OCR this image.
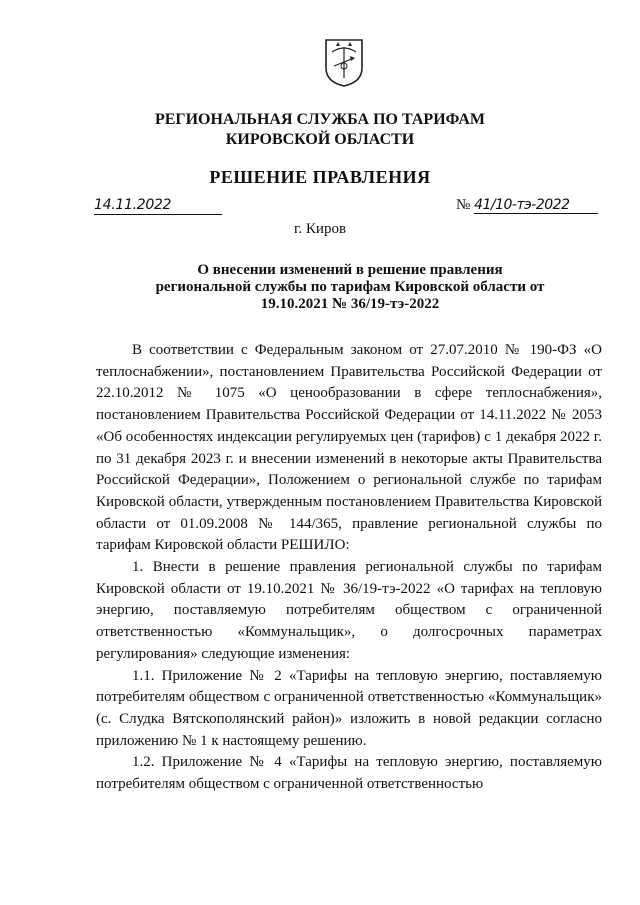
РЕГИОНАЛЬНАЯ СЛУЖБА ПО ТАРИФАМ
КИРОВСКОЙ ОБЛАСТИ
РЕШЕНИЕ ПРАВЛЕНИЯ
14.11.2022	№ 41/10-тэ-2022
г. Киров
О внесении изменений в решение правления региональной службы по тарифам Кировской области от 19.10.2021 № 36/19-тэ-2022

В соответствии с Федеральным законом от 27.07.2010 № 190-ФЗ «О теплоснабжении», постановлением Правительства Российской Федерации от 22.10.2012 № 1075 «О ценообразовании в сфере теплоснабжения», постановлением Правительства Российской Федерации от 14.11.2022 № 2053 «Об особенностях индексации регулируемых цен (тарифов) с 1 декабря 2022 г. по 31 декабря 2023 г. и внесении изменений в некоторые акты Правительства Российской Федерации», Положением о региональной службе по тарифам Кировской области, утвержденным постановлением Правительства Кировской области от 01.09.2008 № 144/365, правление региональной службы по тарифам Кировской области РЕШИЛО:

1. Внести в решение правления региональной службы по тарифам Кировской области от 19.10.2021 № 36/19-тэ-2022 «О тарифах на тепловую энергию, поставляемую потребителям обществом с ограниченной ответственностью «Коммунальщик», о долгосрочных параметрах регулирования» следующие изменения:

1.1. Приложение № 2 «Тарифы на тепловую энергию, поставляемую потребителям обществом с ограниченной ответственностью «Коммунальщик» (с. Слудка Вятскополянский район)» изложить в новой редакции согласно приложению № 1 к настоящему решению.

1.2. Приложение № 4 «Тарифы на тепловую энергию, поставляемую потребителям обществом с ограниченной ответственностью
